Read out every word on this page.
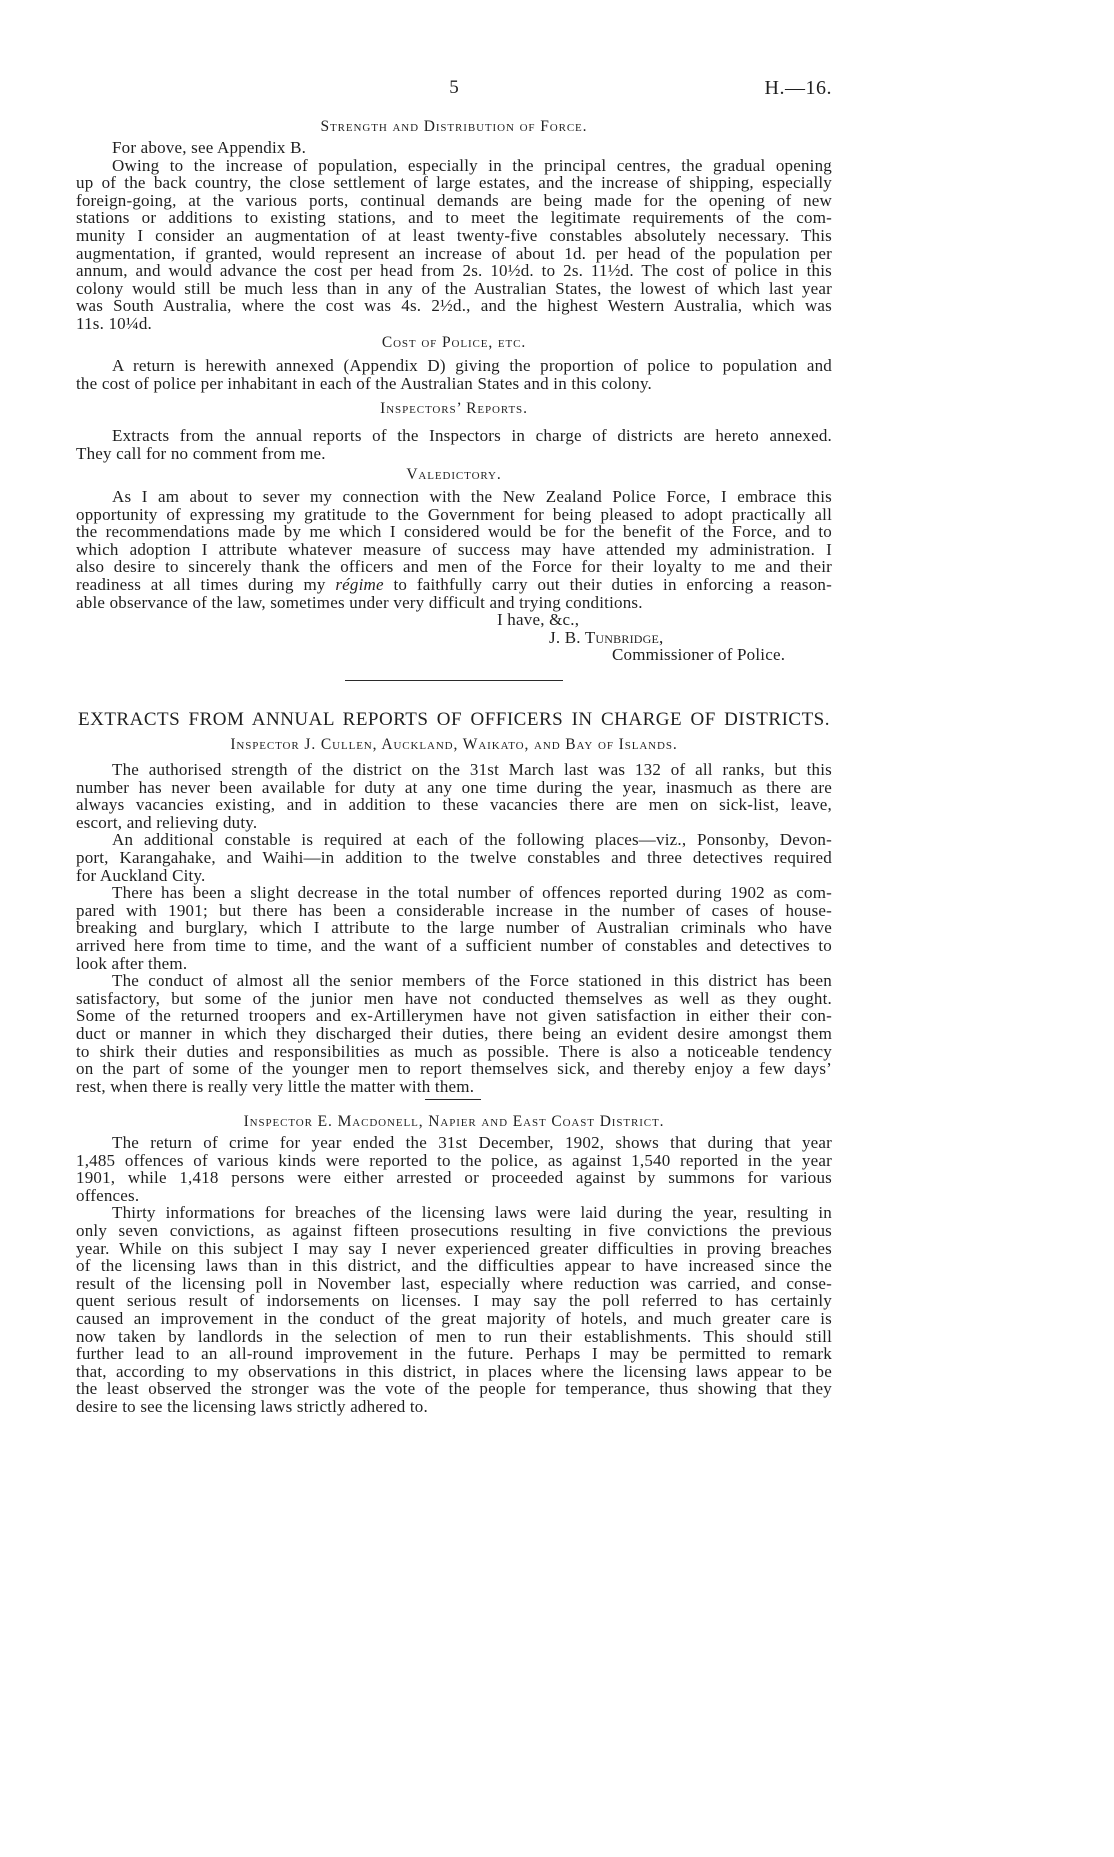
5	H.—16.
Strength and Distribution of Force.
For above, see Appendix B.
Owing to the increase of population, especially in the principal centres, the gradual opening
up of the back country, the close settlement of large estates, and the increase of shipping, especially
foreign-going, at the various ports, continual demands are being made for the opening of new
stations or additions to existing stations, and to meet the legitimate requirements of the com-
munity I consider an augmentation of at least twenty-five constables absolutely necessary. This
augmentation, if granted, would represent an increase of about 1d. per head of the population per
annum, and would advance the cost per head from 2s. 10½d. to 2s. 11½d. The cost of police in this
colony would still be much less than in any of the Australian States, the lowest of which last year
was South Australia, where the cost was 4s. 2½d., and the highest Western Australia, which was
11s. 10¼d.
Cost of Police, etc.
A return is herewith annexed (Appendix D) giving the proportion of police to population and
the cost of police per inhabitant in each of the Australian States and in this colony.
Inspectors’ Reports.
Extracts from the annual reports of the Inspectors in charge of districts are hereto annexed.
They call for no comment from me.
Valedictory.
As I am about to sever my connection with the New Zealand Police Force, I embrace this
opportunity of expressing my gratitude to the Government for being pleased to adopt practically all
the recommendations made by me which I considered would be for the benefit of the Force, and to
which adoption I attribute whatever measure of success may have attended my administration. I
also desire to sincerely thank the officers and men of the Force for their loyalty to me and their
readiness at all times during my régime to faithfully carry out their duties in enforcing a reason-
able observance of the law, sometimes under very difficult and trying conditions.
I have, &c.,
J. B. Tunbridge,
Commissioner of Police.
EXTRACTS FROM ANNUAL REPORTS OF OFFICERS IN CHARGE OF DISTRICTS.
Inspector J. Cullen, Auckland, Waikato, and Bay of Islands.
The authorised strength of the district on the 31st March last was 132 of all ranks, but this
number has never been available for duty at any one time during the year, inasmuch as there are
always vacancies existing, and in addition to these vacancies there are men on sick-list, leave,
escort, and relieving duty.
An additional constable is required at each of the following places—viz., Ponsonby, Devon-
port, Karangahake, and Waihi—in addition to the twelve constables and three detectives required
for Auckland City.
There has been a slight decrease in the total number of offences reported during 1902 as com-
pared with 1901; but there has been a considerable increase in the number of cases of house-
breaking and burglary, which I attribute to the large number of Australian criminals who have
arrived here from time to time, and the want of a sufficient number of constables and detectives to
look after them.
The conduct of almost all the senior members of the Force stationed in this district has been
satisfactory, but some of the junior men have not conducted themselves as well as they ought.
Some of the returned troopers and ex-Artillerymen have not given satisfaction in either their con-
duct or manner in which they discharged their duties, there being an evident desire amongst them
to shirk their duties and responsibilities as much as possible. There is also a noticeable tendency
on the part of some of the younger men to report themselves sick, and thereby enjoy a few days’
rest, when there is really very little the matter with them.
Inspector E. Macdonell, Napier and East Coast District.
The return of crime for year ended the 31st December, 1902, shows that during that year
1,485 offences of various kinds were reported to the police, as against 1,540 reported in the year
1901, while 1,418 persons were either arrested or proceeded against by summons for various
offences.
Thirty informations for breaches of the licensing laws were laid during the year, resulting in
only seven convictions, as against fifteen prosecutions resulting in five convictions the previous
year. While on this subject I may say I never experienced greater difficulties in proving breaches
of the licensing laws than in this district, and the difficulties appear to have increased since the
result of the licensing poll in November last, especially where reduction was carried, and conse-
quent serious result of indorsements on licenses. I may say the poll referred to has certainly
caused an improvement in the conduct of the great majority of hotels, and much greater care is
now taken by landlords in the selection of men to run their establishments. This should still
further lead to an all-round improvement in the future. Perhaps I may be permitted to remark
that, according to my observations in this district, in places where the licensing laws appear to be
the least observed the stronger was the vote of the people for temperance, thus showing that they
desire to see the licensing laws strictly adhered to.
